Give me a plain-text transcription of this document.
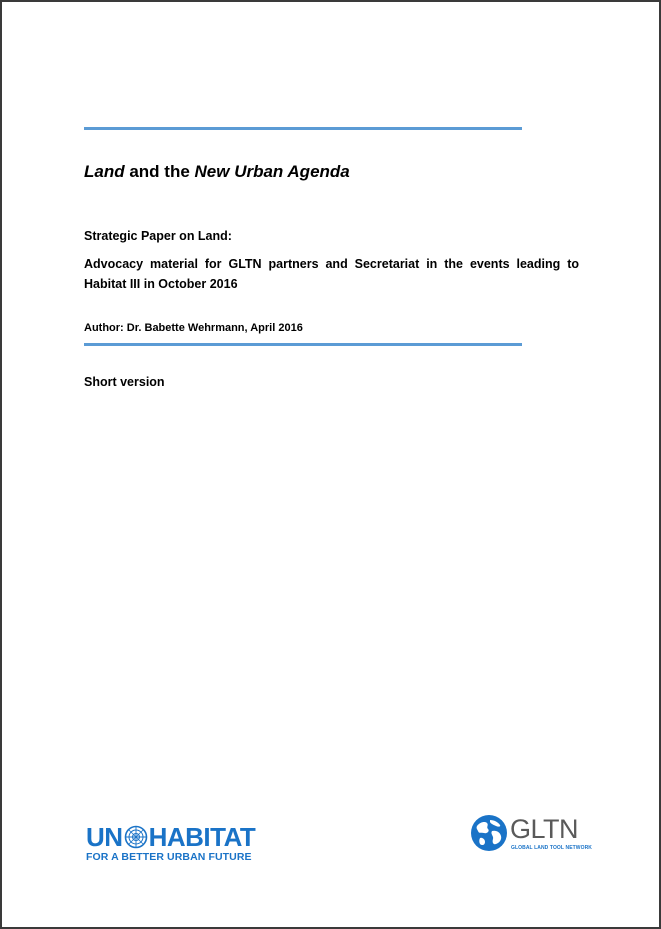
Land and the New Urban Agenda
Strategic Paper on Land:
Advocacy material for GLTN partners and Secretariat in the events leading to Habitat III in October 2016
Author: Dr. Babette Wehrmann, April 2016
Short version
UN HABITAT
FOR A BETTER URBAN FUTURE
GLTN
GLOBAL LAND TOOL NETWORK
